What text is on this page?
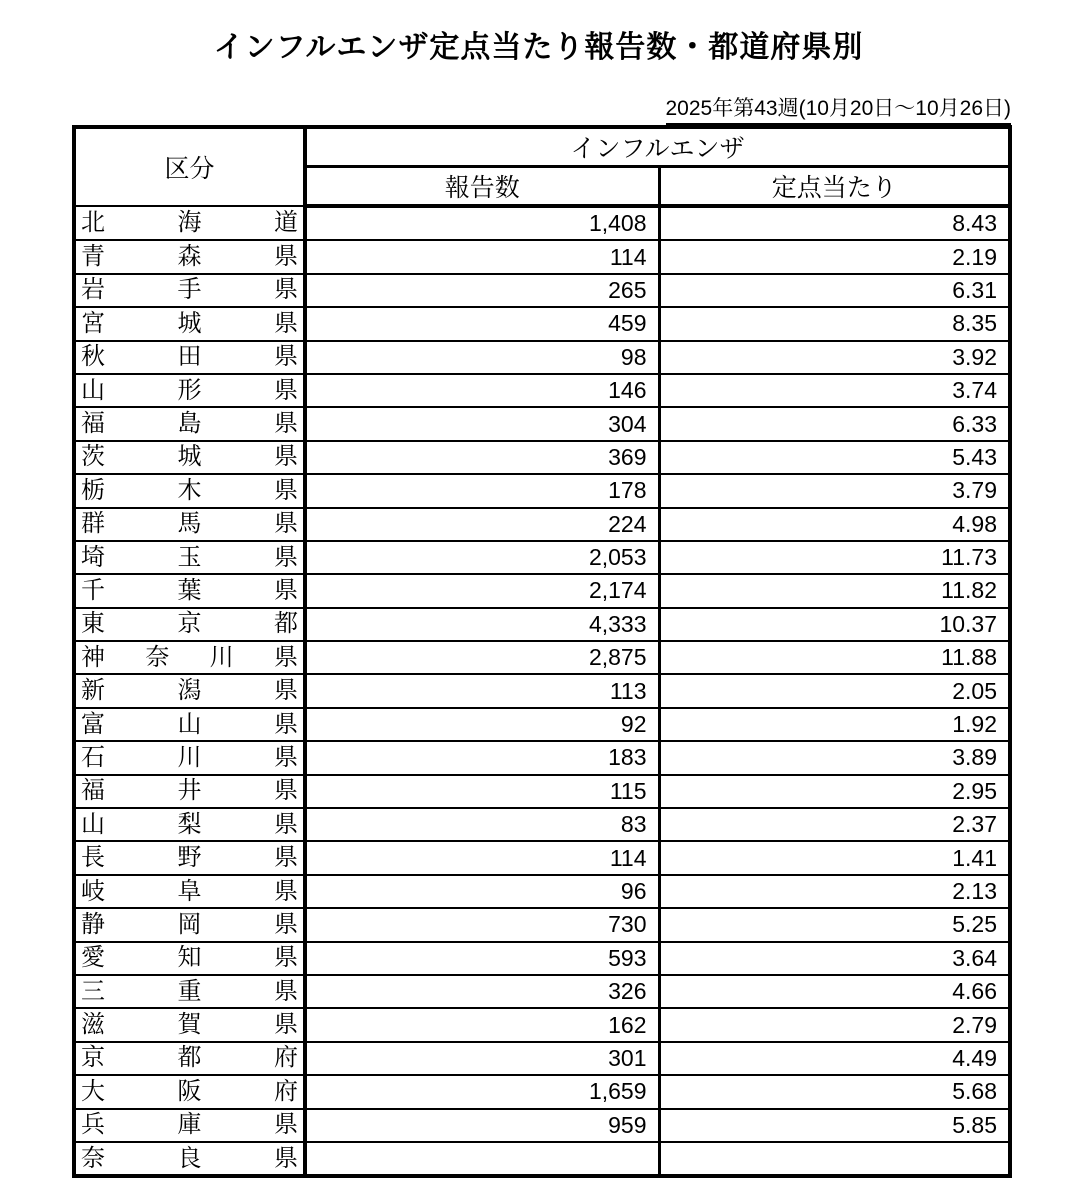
インフルエンザ定点当たり報告数・都道府県別
2025年第43週(10月20日～10月26日)
区分	インフルエンザ	
	報告数	定点当たり

北 海 道	1,408	8.43

青 森 県	114	2.19

岩 手 県	265	6.31

宮 城 県	459	8.35

秋 田 県	98	3.92

山 形 県	146	3.74

福 島 県	304	6.33

茨 城 県	369	5.43

栃 木 県	178	3.79

群 馬 県	224	4.98

埼 玉 県	2,053	11.73

千 葉 県	2,174	11.82

東 京 都	4,333	10.37

神 奈 川 県	2,875	11.88

新 潟 県	113	2.05

富 山 県	92	1.92

石 川 県	183	3.89

福 井 県	115	2.95

山 梨 県	83	2.37

長 野 県	114	1.41

岐 阜 県	96	2.13

静 岡 県	730	5.25

愛 知 県	593	3.64

三 重 県	326	4.66

滋 賀 県	162	2.79

京 都 府	301	4.49

大 阪 府	1,659	5.68

兵 庫 県	959	5.85

奈 良 県		
